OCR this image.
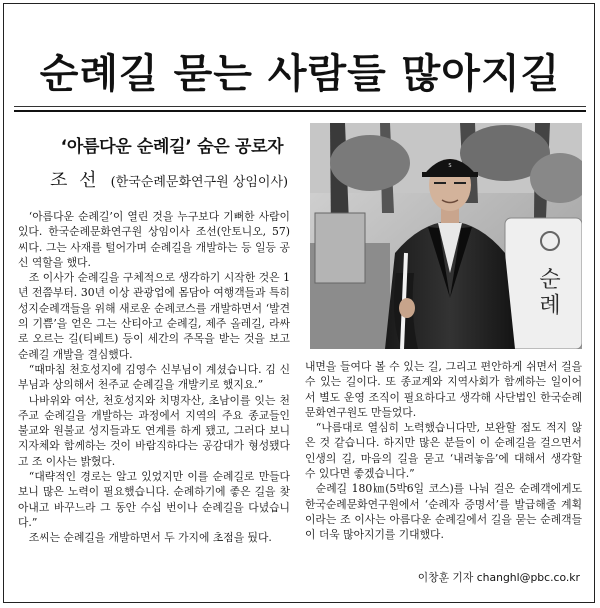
순례길 묻는 사람들 많아지길
‘아름다운 순례길’ 숨은 공로자
조 선 (한국순례문화연구원 상임이사)
순례
S

‘아름다운 순례길’이 열린 것을 누구보다 기뻐한 사람이 있다. 한국순례문화연구원 상임이사 조선(안토니오, 57)씨다. 그는 사재를 털어가며 순례길을 개발하는 등 일등 공신 역할을 했다.

조 이사가 순례길을 구체적으로 생각하기 시작한 것은 1년 전쯤부터. 30년 이상 관광업에 몸담아 여행객들과 특히 성지순례객들을 위해 새로운 순례코스를 개발하면서 ‘발견의 기쁨’을 얻은 그는 산티아고 순례길, 제주 올레길, 라싸로 오르는 길(티베트) 등이 세간의 주목을 받는 것을 보고 순례길 개발을 결심했다.

“때마침 천호성지에 김영수 신부님이 계셨습니다. 김 신부님과 상의해서 천주교 순례길을 개발키로 했지요.”

나바위와 여산, 천호성지와 치명자산, 초남이를 잇는 천주교 순례길을 개발하는 과정에서 지역의 주요 종교들인 불교와 원불교 성지들과도 연계를 하게 됐고, 그러다 보니 지자체와 함께하는 것이 바람직하다는 공감대가 형성됐다고 조 이사는 밝혔다.

“대략적인 경로는 알고 있었지만 이를 순례길로 만들다 보니 많은 노력이 필요했습니다. 순례하기에 좋은 길을 찾아내고 바꾸느라 그 동안 수십 번이나 순례길을 다녔습니다.”

조씨는 순례길을 개발하면서 두 가지에 초점을 뒀다.

내면을 들여다 볼 수 있는 길, 그리고 편안하게 쉬면서 걸을 수 있는 길이다. 또 종교계와 지역사회가 함께하는 일이어서 별도 운영 조직이 필요하다고 생각해 사단법인 한국순례문화연구원도 만들었다.

“나름대로 열심히 노력했습니다만, 보완할 점도 적지 않은 것 같습니다. 하지만 많은 분들이 이 순례길을 걸으면서 인생의 길, 마음의 길을 묻고 ‘내려놓음’에 대해서 생각할 수 있다면 좋겠습니다.”

순례길 180㎞(5박6일 코스)를 나눠 걸은 순례객에게도 한국순례문화연구원에서 ‘순례자 증명서’를 발급해줄 계획이라는 조 이사는 아름다운 순례길에서 길을 묻는 순례객들이 더욱 많아지기를 기대했다.

이창훈 기자 changhl@pbc.co.kr
